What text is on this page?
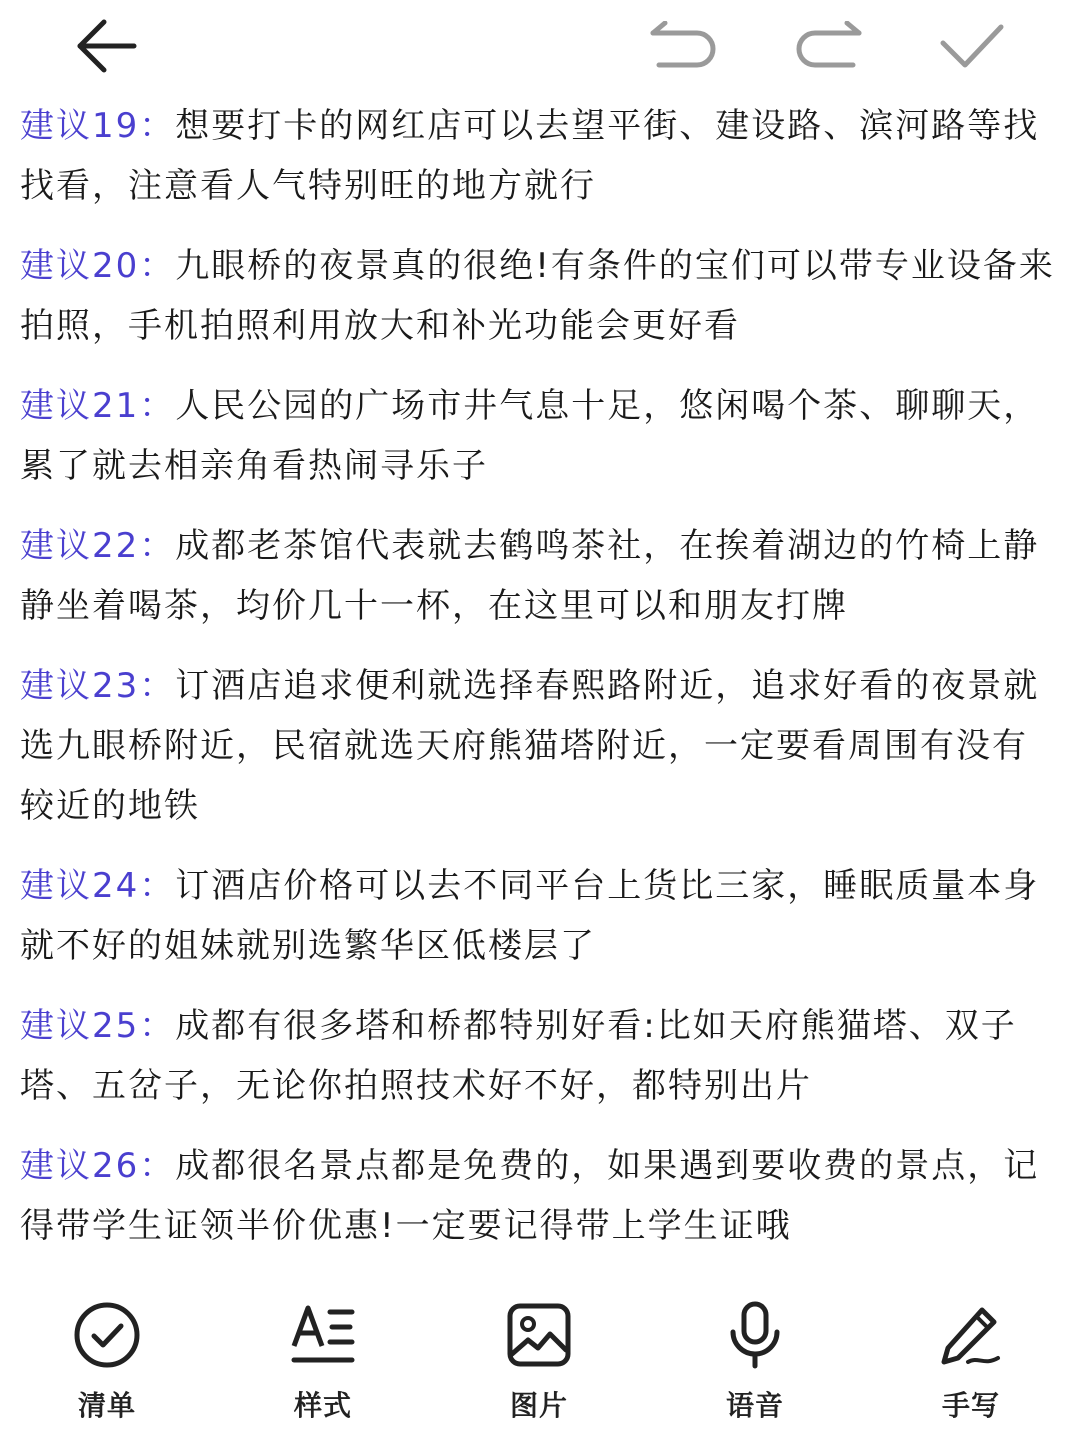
建议19：想要打卡的网红店可以去望平街、建设路、滨河路等找找看，注意看人气特别旺的地方就行

建议20：九眼桥的夜景真的很绝!有条件的宝们可以带专业设备来拍照，手机拍照利用放大和补光功能会更好看

建议21：人民公园的广场市井气息十足，悠闲喝个茶、聊聊天，累了就去相亲角看热闹寻乐子

建议22：成都老茶馆代表就去鹤鸣茶社，在挨着湖边的竹椅上静静坐着喝茶，均价几十一杯，在这里可以和朋友打牌

建议23：订酒店追求便利就选择春熙路附近，追求好看的夜景就选九眼桥附近，民宿就选天府熊猫塔附近，一定要看周围有没有较近的地铁

建议24：订酒店价格可以去不同平台上货比三家，睡眠质量本身就不好的姐妹就别选繁华区低楼层了

建议25：成都有很多塔和桥都特别好看:比如天府熊猫塔、双子塔、五岔子，无论你拍照技术好不好，都特别出片

建议26：成都很名景点都是免费的，如果遇到要收费的景点，记得带学生证领半价优惠!一定要记得带上学生证哦

清单	样式	图片	语音	手写
